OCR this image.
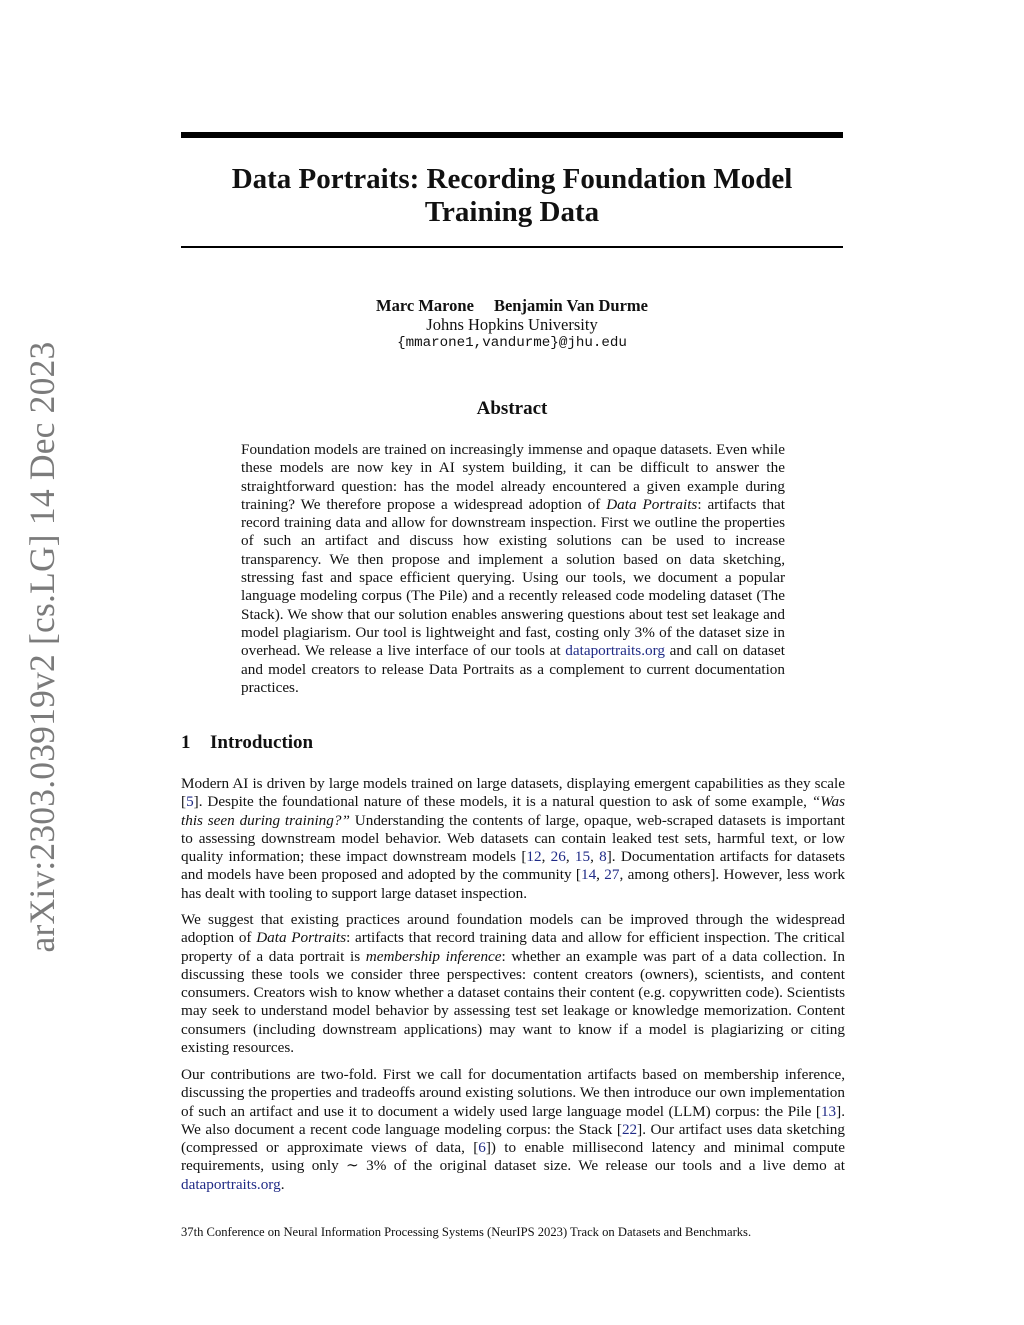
arXiv:2303.03919v2 [cs.LG] 14 Dec 2023
Data Portraits: Recording Foundation Model Training Data
Marc Marone Benjamin Van Durme
Johns Hopkins University
{mmarone1,vandurme}@jhu.edu
Abstract

Foundation models are trained on increasingly immense and opaque datasets. Even while these models are now key in AI system building, it can be difficult to answer the straightforward question: has the model already encountered a given example during training? We therefore propose a widespread adoption of Data Portraits: artifacts that record training data and allow for downstream inspection. First we outline the properties of such an artifact and discuss how existing solutions can be used to increase transparency. We then propose and implement a solution based on data sketching, stressing fast and space efficient querying. Using our tools, we document a popular language modeling corpus (The Pile) and a recently released code modeling dataset (The Stack). We show that our solution enables answering questions about test set leakage and model plagiarism. Our tool is lightweight and fast, costing only 3% of the dataset size in overhead. We release a live interface of our tools at dataportraits.org and call on dataset and model creators to release Data Portraits as a complement to current documentation practices.

1 Introduction

Modern AI is driven by large models trained on large datasets, displaying emergent capabilities as they scale [5]. Despite the foundational nature of these models, it is a natural question to ask of some example, “Was this seen during training?” Understanding the contents of large, opaque, web-scraped datasets is important to assessing downstream model behavior. Web datasets can contain leaked test sets, harmful text, or low quality information; these impact downstream models [12, 26, 15, 8]. Documentation artifacts for datasets and models have been proposed and adopted by the community [14, 27, among others]. However, less work has dealt with tooling to support large dataset inspection.

We suggest that existing practices around foundation models can be improved through the widespread adoption of Data Portraits: artifacts that record training data and allow for efficient inspection. The critical property of a data portrait is membership inference: whether an example was part of a data collection. In discussing these tools we consider three perspectives: content creators (owners), scientists, and content consumers. Creators wish to know whether a dataset contains their content (e.g. copywritten code). Scientists may seek to understand model behavior by assessing test set leakage or knowledge memorization. Content consumers (including downstream applications) may want to know if a model is plagiarizing or citing existing resources.

Our contributions are two-fold. First we call for documentation artifacts based on membership inference, discussing the properties and tradeoffs around existing solutions. We then introduce our own implementation of such an artifact and use it to document a widely used large language model (LLM) corpus: the Pile [13]. We also document a recent code language modeling corpus: the Stack [22]. Our artifact uses data sketching (compressed or approximate views of data, [6]) to enable millisecond latency and minimal compute requirements, using only ∼ 3% of the original dataset size. We release our tools and a live demo at dataportraits.org.

37th Conference on Neural Information Processing Systems (NeurIPS 2023) Track on Datasets and Benchmarks.
